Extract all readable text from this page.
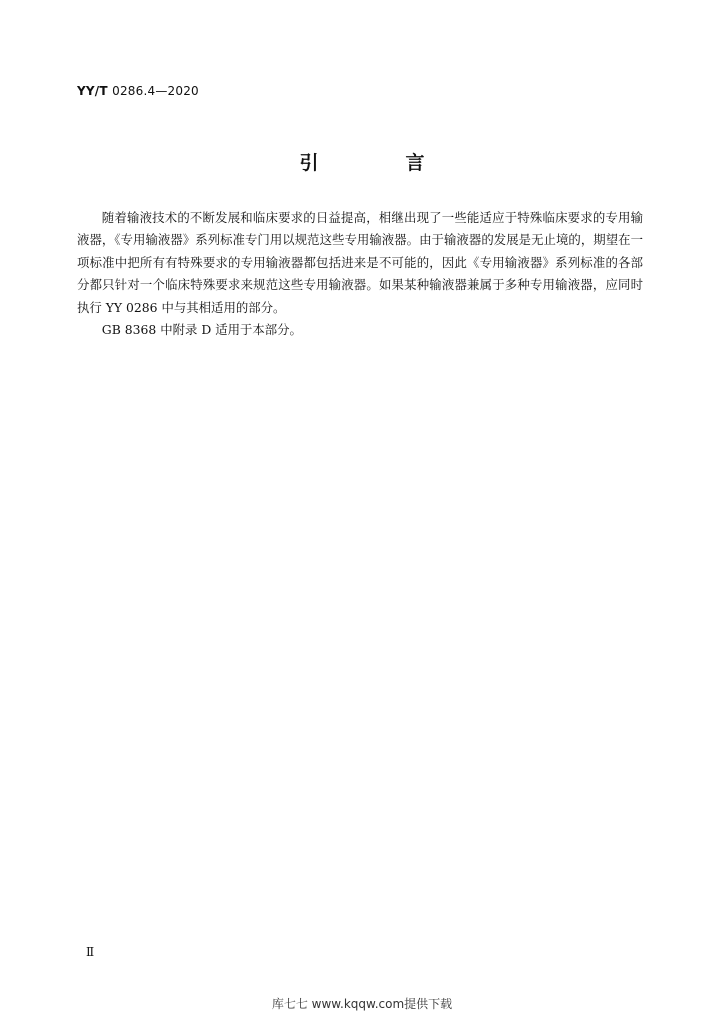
YY/T 0286.4—2020
引　言

随着输液技术的不断发展和临床要求的日益提高，相继出现了一些能适应于特殊临床要求的专用输液器，《专用输液器》系列标准专门用以规范这些专用输液器。由于输液器的发展是无止境的，期望在一项标准中把所有有特殊要求的专用输液器都包括进来是不可能的，因此《专用输液器》系列标准的各部分都只针对一个临床特殊要求来规范这些专用输液器。如果某种输液器兼属于多种专用输液器，应同时执行 YY 0286 中与其相适用的部分。

GB 8368 中附录 D 适用于本部分。

Ⅱ
库七七 www.kqqw.com提供下载
